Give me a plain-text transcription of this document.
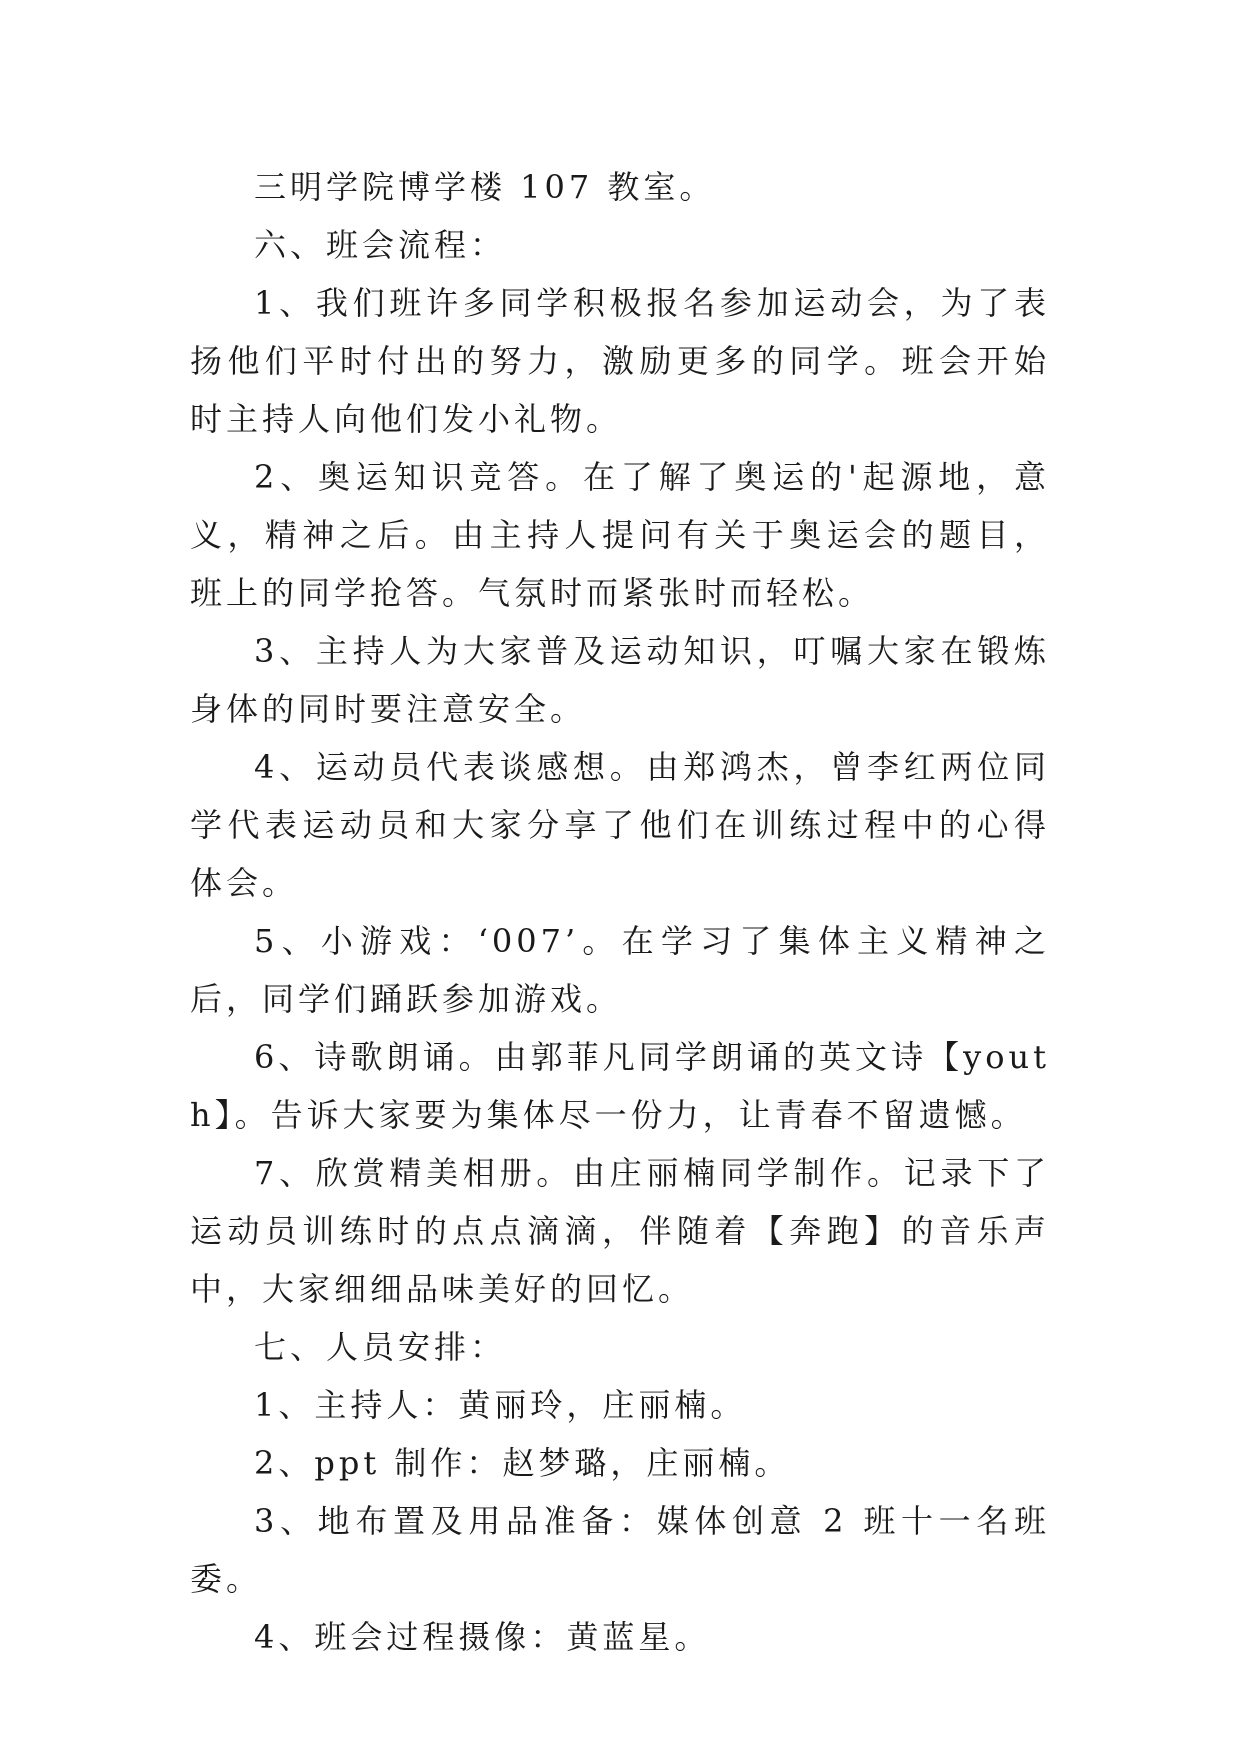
三明学院博学楼 107 教室。

六、班会流程：

1、我们班许多同学积极报名参加运动会，为了表扬他们平时付出的努力，激励更多的同学。班会开始时主持人向他们发小礼物。

2、奥运知识竞答。在了解了奥运的'起源地，意义，精神之后。由主持人提问有关于奥运会的题目，班上的同学抢答。气氛时而紧张时而轻松。

3、主持人为大家普及运动知识，叮嘱大家在锻炼身体的同时要注意安全。

4、运动员代表谈感想。由郑鸿杰，曾李红两位同学代表运动员和大家分享了他们在训练过程中的心得体会。

5、小游戏：‘007’。在学习了集体主义精神之后，同学们踊跃参加游戏。

6、诗歌朗诵。由郭菲凡同学朗诵的英文诗【youth】。告诉大家要为集体尽一份力，让青春不留遗憾。

7、欣赏精美相册。由庄丽楠同学制作。记录下了运动员训练时的点点滴滴，伴随着【奔跑】的音乐声中，大家细细品味美好的回忆。

七、人员安排：

1、主持人：黄丽玲，庄丽楠。

2、ppt 制作：赵梦璐，庄丽楠。

3、地布置及用品准备：媒体创意 2 班十一名班委。

4、班会过程摄像：黄蓝星。
